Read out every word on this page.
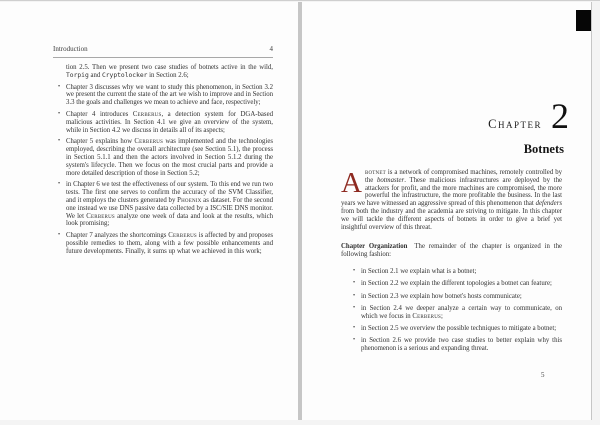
Introduction	4

tion 2.5. Then we present two case studies of botnets active in the wild, Torpig and Cryptolocker in Section 2.6;

• Chapter 3 discusses why we want to study this phenomenon, in Section 3.2 we present the current the state of the art we wish to improve and in Section 3.3 the goals and challenges we mean to achieve and face, respectively;
• Chapter 4 introduces Cerberus, a detection system for DGA-based malicious activities. In Section 4.1 we give an overview of the system, while in Section 4.2 we discuss in details all of its aspects;
• Chapter 5 explains how Cerberus was implemented and the technologies employed, describing the overall architecture (see Section 5.1), the process in Section 5.1.1 and then the actors involved in Section 5.1.2 during the system's lifecycle. Then we focus on the most crucial parts and provide a more detailed description of those in Section 5.2;
• in Chapter 6 we test the effectiveness of our system. To this end we run two tests. The first one serves to confirm the accuracy of the SVM Classifier, and it employs the clusters generated by Phoenix as dataset. For the second one instead we use DNS passive data collected by a ISC/SIE DNS monitor. We let Cerberus analyze one week of data and look at the results, which look promising;
• Chapter 7 analyzes the shortcomings Cerberus is affected by and proposes possible remedies to them, along with a few possible enhancements and future developments. Finally, it sums up what we achieved in this work;
Chapter 2
Botnets

Abotnet is a network of compromised machines, remotely controlled by the botmaster. These malicious infrastructures are deployed by the attackers for profit, and the more machines are compromised, the more powerful the infrastructure, the more profitable the business. In the last years we have witnessed an aggressive spread of this phenomenon that defenders from both the industry and the academia are striving to mitigate. In this chapter we will tackle the different aspects of botnets in order to give a brief yet insightful overview of this threat.

Chapter Organization The remainder of the chapter is organized in the following fashion:

• in Section 2.1 we explain what is a botnet;
• in Section 2.2 we explain the different topologies a botnet can feature;
• in Section 2.3 we explain how botnet's hosts communicate;
• in Section 2.4 we deeper analyze a certain way to communicate, on which we focus in Cerberus;
• in Section 2.5 we overview the possible techniques to mitigate a botnet;
• in Section 2.6 we provide two case studies to better explain why this phenomenon is a serious and expanding threat.
5
